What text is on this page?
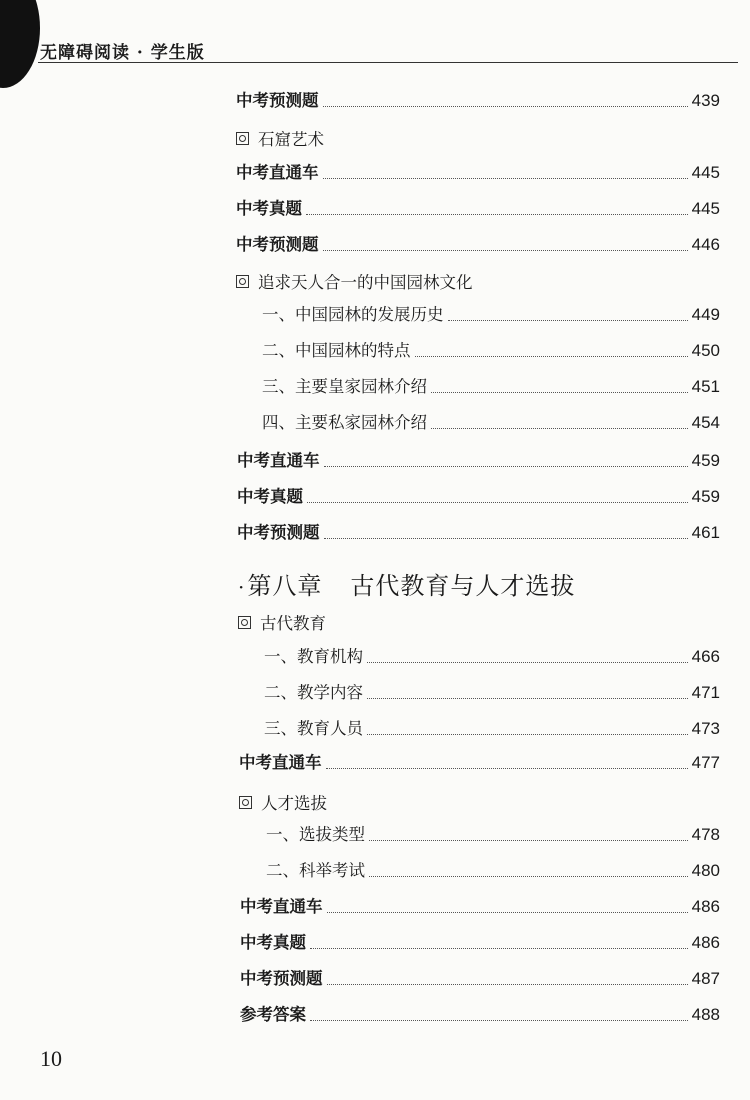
无障碍阅读 · 学生版
中考预测题	439
石窟艺术
中考直通车	445
中考真题	445
中考预测题	446
追求天人合一的中国园林文化
一、中国园林的发展历史	449
二、中国园林的特点	450
三、主要皇家园林介绍	451
四、主要私家园林介绍	454
中考直通车	459
中考真题	459
中考预测题	461
·第八章 古代教育与人才选拔
古代教育
一、教育机构	466
二、教学内容	471
三、教育人员	473
中考直通车	477
人才选拔
一、选拔类型	478
二、科举考试	480
中考直通车	486
中考真题	486
中考预测题	487
参考答案	488
10
